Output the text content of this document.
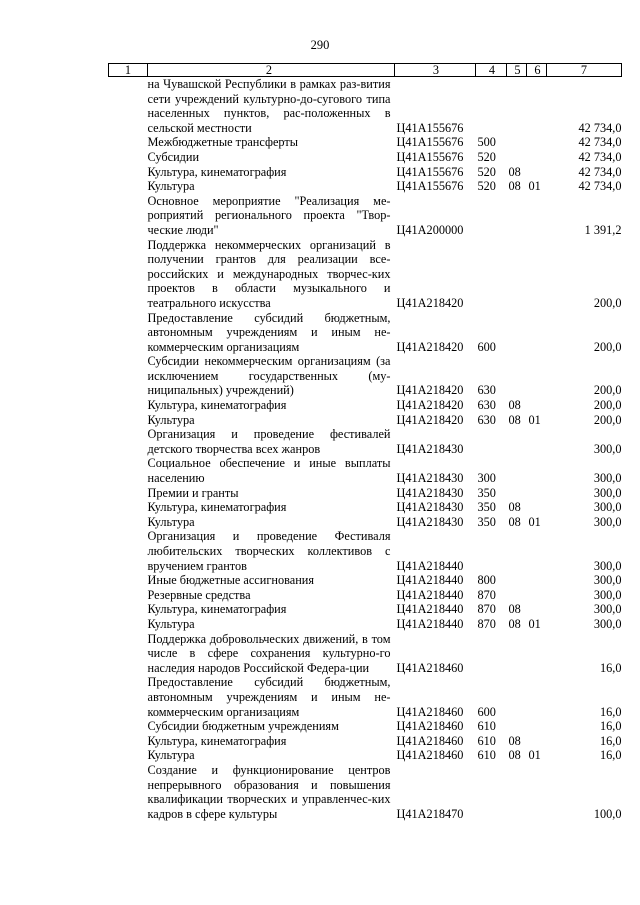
290
1	2	3	4	5	6	7
	на Чувашской Республики в рамках раз-вития сети учреждений культурно-до-сугового типа населенных пунктов, рас-положенных в сельской местности	Ц41А155676				42 734,0
	Межбюджетные трансферты	Ц41А155676	500			42 734,0
	Субсидии	Ц41А155676	520			42 734,0
	Культура, кинематография	Ц41А155676	520	08		42 734,0
	Культура	Ц41А155676	520	08	01	42 734,0
	Основное мероприятие "Реализация ме-роприятий регионального проекта "Твор-ческие люди"	Ц41А200000				1 391,2
	Поддержка некоммерческих организаций в получении грантов для реализации все-российских и международных творчес-ких проектов в области музыкального и театрального искусства	Ц41А218420				200,0
	Предоставление субсидий бюджетным, автономным учреждениям и иным не-коммерческим организациям	Ц41А218420	600			200,0
	Субсидии некоммерческим организациям (за исключением государственных (му-ниципальных) учреждений)	Ц41А218420	630			200,0
	Культура, кинематография	Ц41А218420	630	08		200,0
	Культура	Ц41А218420	630	08	01	200,0
	Организация и проведение фестивалей детского творчества всех жанров	Ц41А218430				300,0
	Социальное обеспечение и иные выплаты населению	Ц41А218430	300			300,0
	Премии и гранты	Ц41А218430	350			300,0
	Культура, кинематография	Ц41А218430	350	08		300,0
	Культура	Ц41А218430	350	08	01	300,0
	Организация и проведение Фестиваля любительских творческих коллективов с вручением грантов	Ц41А218440				300,0
	Иные бюджетные ассигнования	Ц41А218440	800			300,0
	Резервные средства	Ц41А218440	870			300,0
	Культура, кинематография	Ц41А218440	870	08		300,0
	Культура	Ц41А218440	870	08	01	300,0
	Поддержка добровольческих движений, в том числе в сфере сохранения культурно-го наследия народов Российской Федера-ции	Ц41А218460				16,0
	Предоставление субсидий бюджетным, автономным учреждениям и иным не-коммерческим организациям	Ц41А218460	600			16,0
	Субсидии бюджетным учреждениям	Ц41А218460	610			16,0
	Культура, кинематография	Ц41А218460	610	08		16,0
	Культура	Ц41А218460	610	08	01	16,0
	Создание и функционирование центров непрерывного образования и повышения квалификации творческих и управленчес-ких кадров в сфере культуры	Ц41А218470				100,0
